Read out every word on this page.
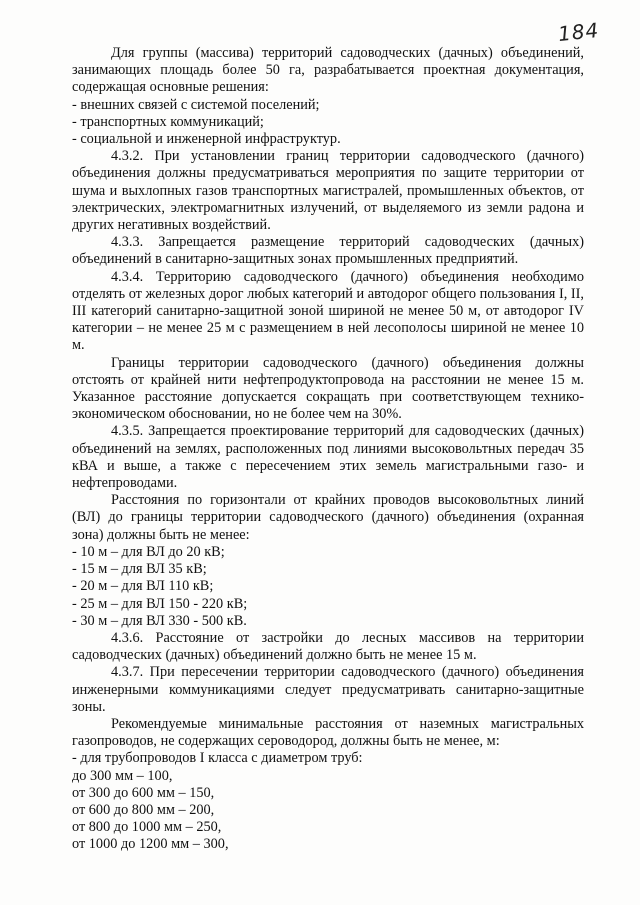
184

Для группы (массива) территорий садоводческих (дачных) объединений, занимающих площадь более 50 га, разрабатывается проектная документация, содержащая основные решения:

- внешних связей с системой поселений;

- транспортных коммуникаций;

- социальной и инженерной инфраструктур.

4.3.2. При установлении границ территории садоводческого (дачного) объединения должны предусматриваться мероприятия по защите территории от шума и выхлопных газов транспортных магистралей, промышленных объектов, от электрических, электромагнитных излучений, от выделяемого из земли радона и других негативных воздействий.

4.3.3. Запрещается размещение территорий садоводческих (дачных) объединений в санитарно-защитных зонах промышленных предприятий.

4.3.4. Территорию садоводческого (дачного) объединения необходимо отделять от железных дорог любых категорий и автодорог общего пользования I, II, III категорий санитарно-защитной зоной шириной не менее 50 м, от автодорог IV категории – не менее 25 м с размещением в ней лесополосы шириной не менее 10 м.

Границы территории садоводческого (дачного) объединения должны отстоять от крайней нити нефтепродуктопровода на расстоянии не менее 15 м. Указанное расстояние допускается сокращать при соответствующем технико-экономическом обосновании, но не более чем на 30%.

4.3.5. Запрещается проектирование территорий для садоводческих (дачных) объединений на землях, расположенных под линиями высоковольтных передач 35 кВА и выше, а также с пересечением этих земель магистральными газо- и нефтепроводами.

Расстояния по горизонтали от крайних проводов высоковольтных линий (ВЛ) до границы территории садоводческого (дачного) объединения (охранная зона) должны быть не менее:

- 10 м – для ВЛ до 20 кВ;

- 15 м – для ВЛ 35 кВ;

- 20 м – для ВЛ 110 кВ;

- 25 м – для ВЛ 150 - 220 кВ;

- 30 м – для ВЛ 330 - 500 кВ.

4.3.6. Расстояние от застройки до лесных массивов на территории садоводческих (дачных) объединений должно быть не менее 15 м.

4.3.7. При пересечении территории садоводческого (дачного) объединения инженерными коммуникациями следует предусматривать санитарно-защитные зоны.

Рекомендуемые минимальные расстояния от наземных магистральных газопроводов, не содержащих сероводород, должны быть не менее, м:

- для трубопроводов I класса с диаметром труб:

до 300 мм – 100,

от 300 до 600 мм – 150,

от 600 до 800 мм – 200,

от 800 до 1000 мм – 250,

от 1000 до 1200 мм – 300,
